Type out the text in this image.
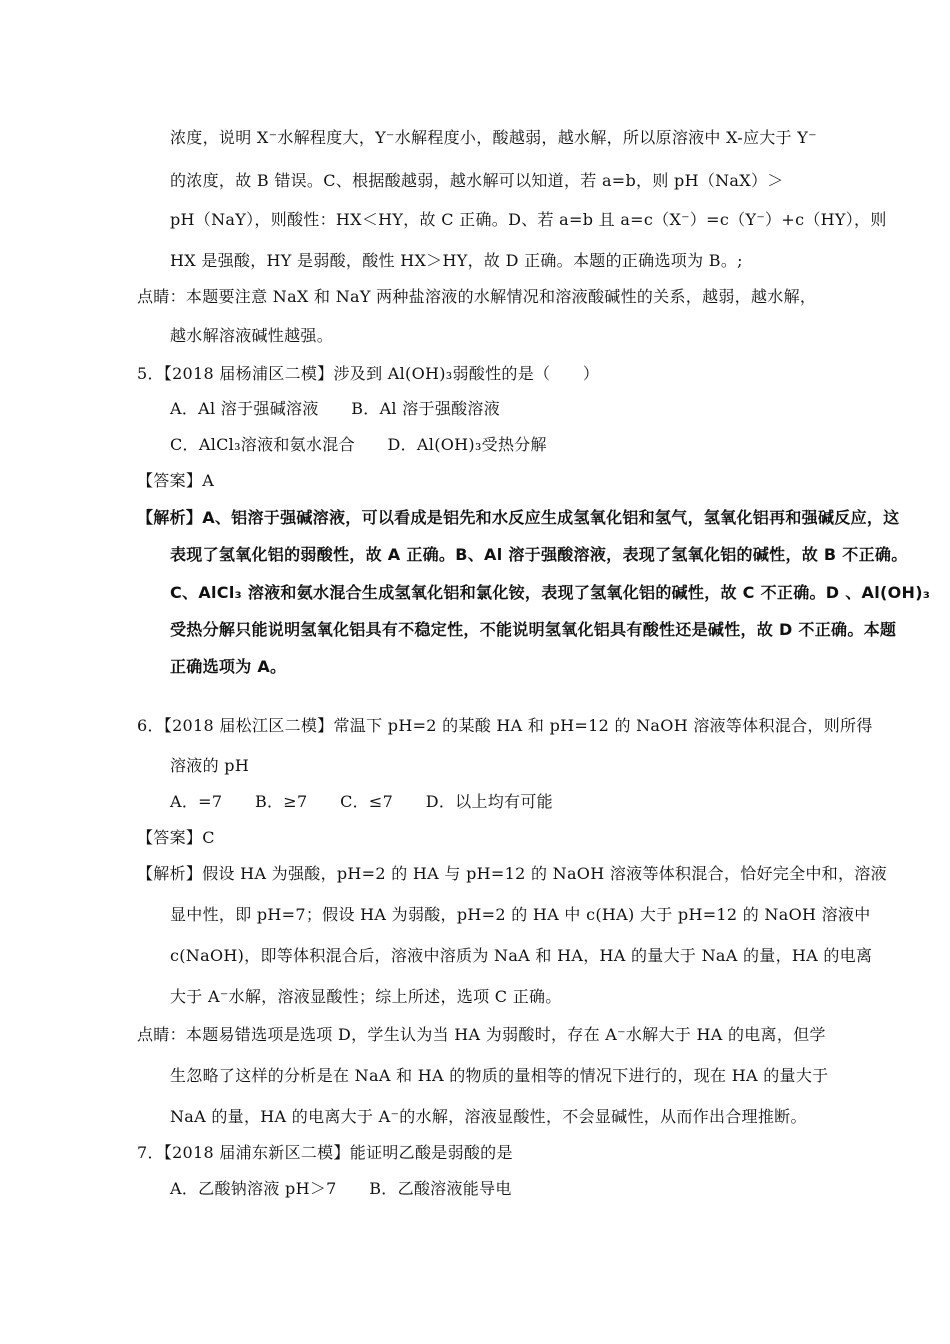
浓度，说明 X⁻水解程度大，Y⁻水解程度小，酸越弱，越水解，所以原溶液中 X-应大于 Y⁻
的浓度，故 B 错误。C、根据酸越弱，越水解可以知道，若 a=b，则 pH（NaX）＞
pH（NaY），则酸性：HX＜HY，故 C 正确。D、若 a=b 且 a=c（X⁻）=c（Y⁻）+c（HY），则
HX 是强酸，HY 是弱酸，酸性 HX＞HY，故 D 正确。本题的正确选项为 B。;
点睛：本题要注意 NaX 和 NaY 两种盐溶液的水解情况和溶液酸碱性的关系，越弱，越水解，
越水解溶液碱性越强。
5．【2018 届杨浦区二模】涉及到 Al(OH)₃弱酸性的是（　　）
A．Al 溶于强碱溶液　　B．Al 溶于强酸溶液
C．AlCl₃溶液和氨水混合　　D．Al(OH)₃受热分解
【答案】A
【解析】A、铝溶于强碱溶液，可以看成是铝先和水反应生成氢氧化铝和氢气，氢氧化铝再和强碱反应，这
表现了氢氧化铝的弱酸性，故 A 正确。B、Al 溶于强酸溶液，表现了氢氧化铝的碱性，故 B 不正确。
C、AlCl₃ 溶液和氨水混合生成氢氧化铝和氯化铵，表现了氢氧化铝的碱性，故 C 不正确。D 、Al(OH)₃
受热分解只能说明氢氧化铝具有不稳定性，不能说明氢氧化铝具有酸性还是碱性，故 D 不正确。本题
正确选项为 A。
6．【2018 届松江区二模】常温下 pH=2 的某酸 HA 和 pH=12 的 NaOH 溶液等体积混合，则所得
溶液的 pH
A．=7　　B．≥7　　C．≤7　　D．以上均有可能
【答案】C
【解析】假设 HA 为强酸，pH=2 的 HA 与 pH=12 的 NaOH 溶液等体积混合，恰好完全中和，溶液
显中性，即 pH=7；假设 HA 为弱酸，pH=2 的 HA 中 c(HA) 大于 pH=12 的 NaOH 溶液中
c(NaOH)，即等体积混合后，溶液中溶质为 NaA 和 HA，HA 的量大于 NaA 的量，HA 的电离
大于 A⁻水解，溶液显酸性；综上所述，选项 C 正确。
点睛：本题易错选项是选项 D，学生认为当 HA 为弱酸时，存在 A⁻水解大于 HA 的电离，但学
生忽略了这样的分析是在 NaA 和 HA 的物质的量相等的情况下进行的，现在 HA 的量大于
NaA 的量，HA 的电离大于 A⁻的水解，溶液显酸性，不会显碱性，从而作出合理推断。
7．【2018 届浦东新区二模】能证明乙酸是弱酸的是
A．乙酸钠溶液 pH＞7　　B．乙酸溶液能导电
